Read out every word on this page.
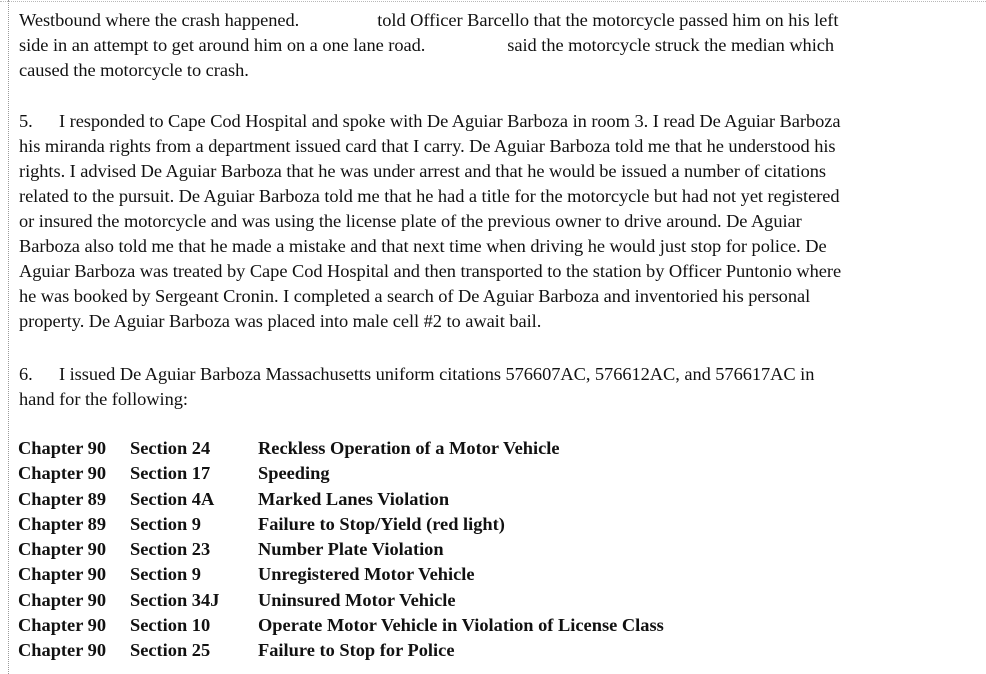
Westbound where the crash happened.	told Officer Barcello that the motorcycle passed him on his left
side in an attempt to get around him on a one lane road.	said the motorcycle struck the median which
caused the motorcycle to crash.
5. I responded to Cape Cod Hospital and spoke with De Aguiar Barboza in room 3. I read De Aguiar Barboza
his miranda rights from a department issued card that I carry. De Aguiar Barboza told me that he understood his
rights. I advised De Aguiar Barboza that he was under arrest and that he would be issued a number of citations
related to the pursuit. De Aguiar Barboza told me that he had a title for the motorcycle but had not yet registered
or insured the motorcycle and was using the license plate of the previous owner to drive around. De Aguiar
Barboza also told me that he made a mistake and that next time when driving he would just stop for police. De
Aguiar Barboza was treated by Cape Cod Hospital and then transported to the station by Officer Puntonio where
he was booked by Sergeant Cronin. I completed a search of De Aguiar Barboza and inventoried his personal
property. De Aguiar Barboza was placed into male cell #2 to await bail.
6. I issued De Aguiar Barboza Massachusetts uniform citations 576607AC, 576612AC, and 576617AC in
hand for the following:
Chapter 90 Section 24	Reckless Operation of a Motor Vehicle
Chapter 90 Section 17	Speeding
Chapter 89 Section 4A Marked Lanes Violation
Chapter 89 Section 9	Failure to Stop/Yield (red light)
Chapter 90 Section 23	Number Plate Violation
Chapter 90 Section 9	Unregistered Motor Vehicle
Chapter 90 Section 34J Uninsured Motor Vehicle
Chapter 90 Section 10	Operate Motor Vehicle in Violation of License Class
Chapter 90 Section 25	Failure to Stop for Police
